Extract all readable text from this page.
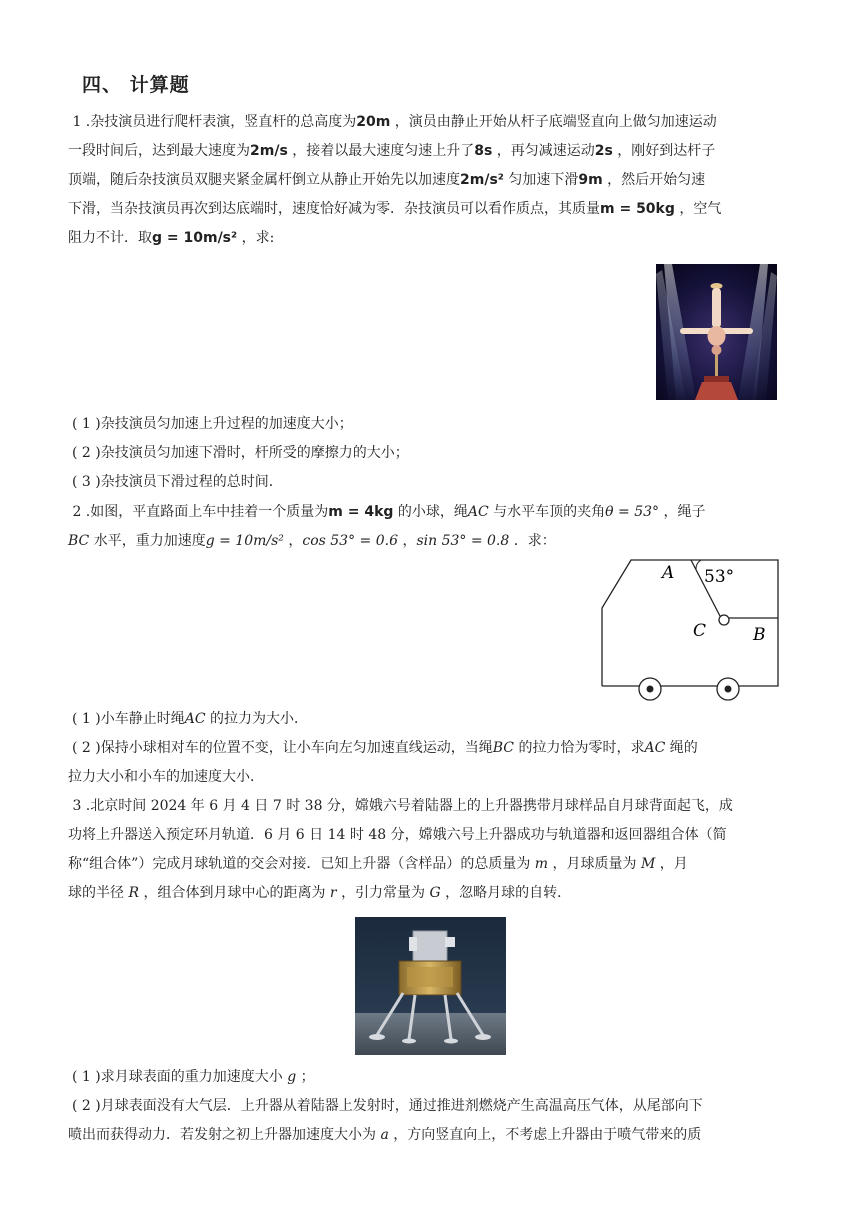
四、 计算题
1 .杂技演员进行爬杆表演，竖直杆的总高度为20m ，演员由静止开始从杆子底端竖直向上做匀加速运动
一段时间后，达到最大速度为2m/s ，接着以最大速度匀速上升了8s ，再匀减速运动2s ，刚好到达杆子
顶端，随后杂技演员双腿夹紧金属杆倒立从静止开始先以加速度2m/s² 匀加速下滑9m ，然后开始匀速
下滑，当杂技演员再次到达底端时，速度恰好减为零．杂技演员可以看作质点，其质量m = 50kg ，空气
阻力不计．取g = 10m/s² ，求:
( 1 )杂技演员匀加速上升过程的加速度大小；
( 2 )杂技演员匀加速下滑时，杆所受的摩擦力的大小；
( 3 )杂技演员下滑过程的总时间．
2 .如图，平直路面上车中挂着一个质量为m = 4kg 的小球，绳AC 与水平车顶的夹角θ = 53° ，绳子
BC 水平，重力加速度g = 10m/s² ，cos 53° = 0.6 ，sin 53° = 0.8 ．求：
A 53°
C	B
( 1 )小车静止时绳AC 的拉力为大小．
( 2 )保持小球相对车的位置不变，让小车向左匀加速直线运动，当绳BC 的拉力恰为零时，求AC 绳的
拉力大小和小车的加速度大小．
3 .北京时间 2024 年 6 月 4 日 7 时 38 分，嫦娥六号着陆器上的上升器携带月球样品自月球背面起飞，成
功将上升器送入预定环月轨道．6 月 6 日 14 时 48 分，嫦娥六号上升器成功与轨道器和返回器组合体（简
称“组合体”）完成月球轨道的交会对接．已知上升器（含样品）的总质量为 m ，月球质量为 M ，月
球的半径 R ，组合体到月球中心的距离为 r ，引力常量为 G ，忽略月球的自转．
( 1 )求月球表面的重力加速度大小 g ；
( 2 )月球表面没有大气层．上升器从着陆器上发射时，通过推进剂燃烧产生高温高压气体，从尾部向下
喷出而获得动力．若发射之初上升器加速度大小为 a ，方向竖直向上，不考虑上升器由于喷气带来的质
